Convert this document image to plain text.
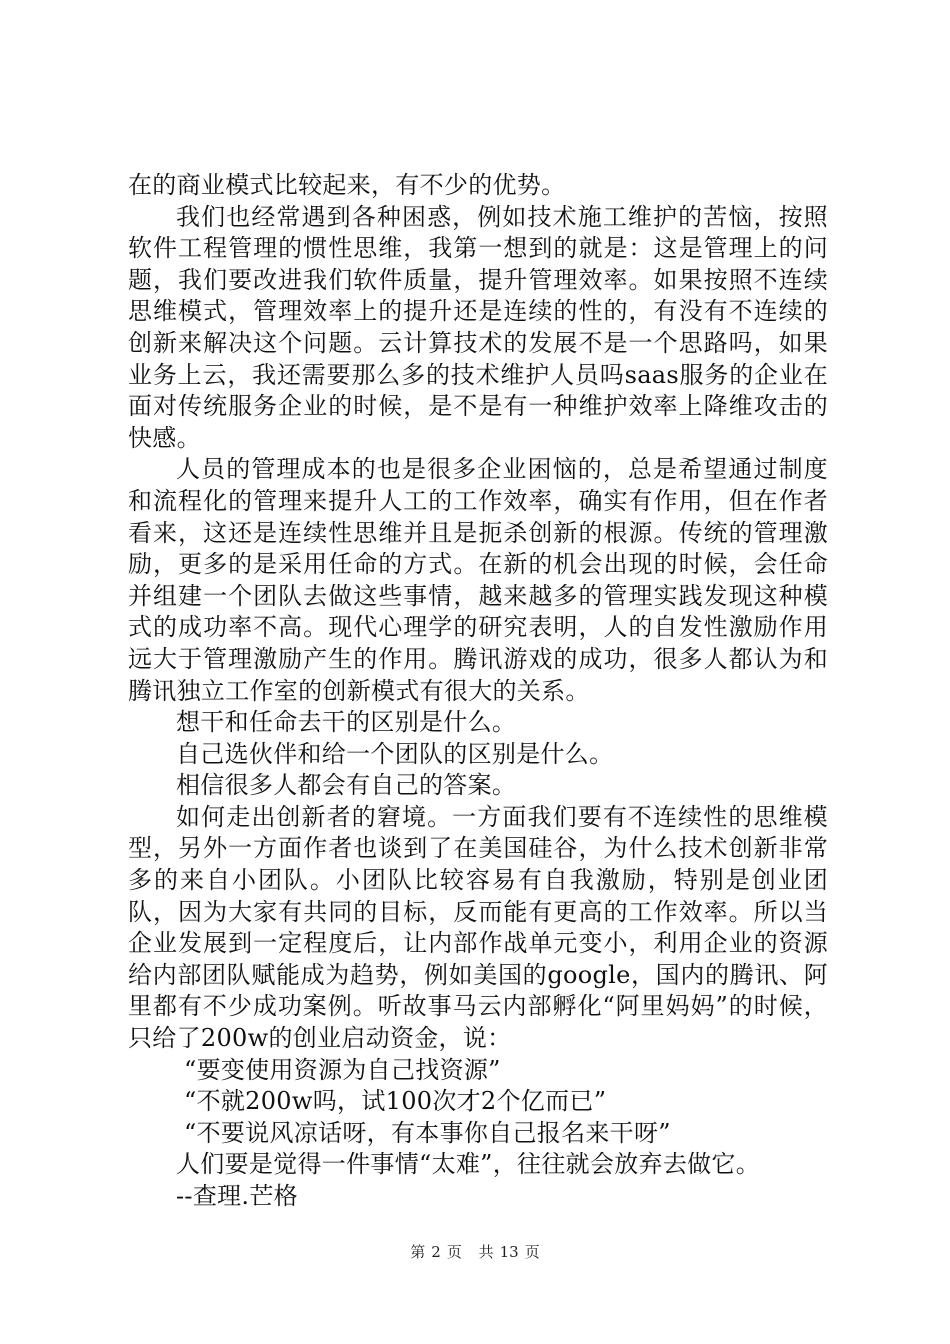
在的商业模式比较起来，有不少的优势。

我们也经常遇到各种困惑，例如技术施工维护的苦恼，按照软件工程管理的惯性思维，我第一想到的就是：这是管理上的问题，我们要改进我们软件质量，提升管理效率。如果按照不连续思维模式，管理效率上的提升还是连续的性的，有没有不连续的创新来解决这个问题。云计算技术的发展不是一个思路吗，如果业务上云，我还需要那么多的技术维护人员吗saas服务的企业在面对传统服务企业的时候，是不是有一种维护效率上降维攻击的快感。

人员的管理成本的也是很多企业困恼的，总是希望通过制度和流程化的管理来提升人工的工作效率，确实有作用，但在作者看来，这还是连续性思维并且是扼杀创新的根源。传统的管理激励，更多的是采用任命的方式。在新的机会出现的时候，会任命并组建一个团队去做这些事情，越来越多的管理实践发现这种模式的成功率不高。现代心理学的研究表明，人的自发性激励作用远大于管理激励产生的作用。腾讯游戏的成功，很多人都认为和腾讯独立工作室的创新模式有很大的关系。

想干和任命去干的区别是什么。

自己选伙伴和给一个团队的区别是什么。

相信很多人都会有自己的答案。

如何走出创新者的窘境。一方面我们要有不连续性的思维模型，另外一方面作者也谈到了在美国硅谷，为什么技术创新非常多的来自小团队。小团队比较容易有自我激励，特别是创业团队，因为大家有共同的目标，反而能有更高的工作效率。所以当企业发展到一定程度后，让内部作战单元变小，利用企业的资源给内部团队赋能成为趋势，例如美国的google，国内的腾讯、阿里都有不少成功案例。听故事马云内部孵化“阿里妈妈”的时候，只给了200w的创业启动资金，说：

“要变使用资源为自己找资源”

“不就200w吗，试100次才2个亿而已”

“不要说风凉话呀，有本事你自己报名来干呀”

人们要是觉得一件事情“太难”，往往就会放弃去做它。

--查理.芒格

第 2 页 共 13 页
